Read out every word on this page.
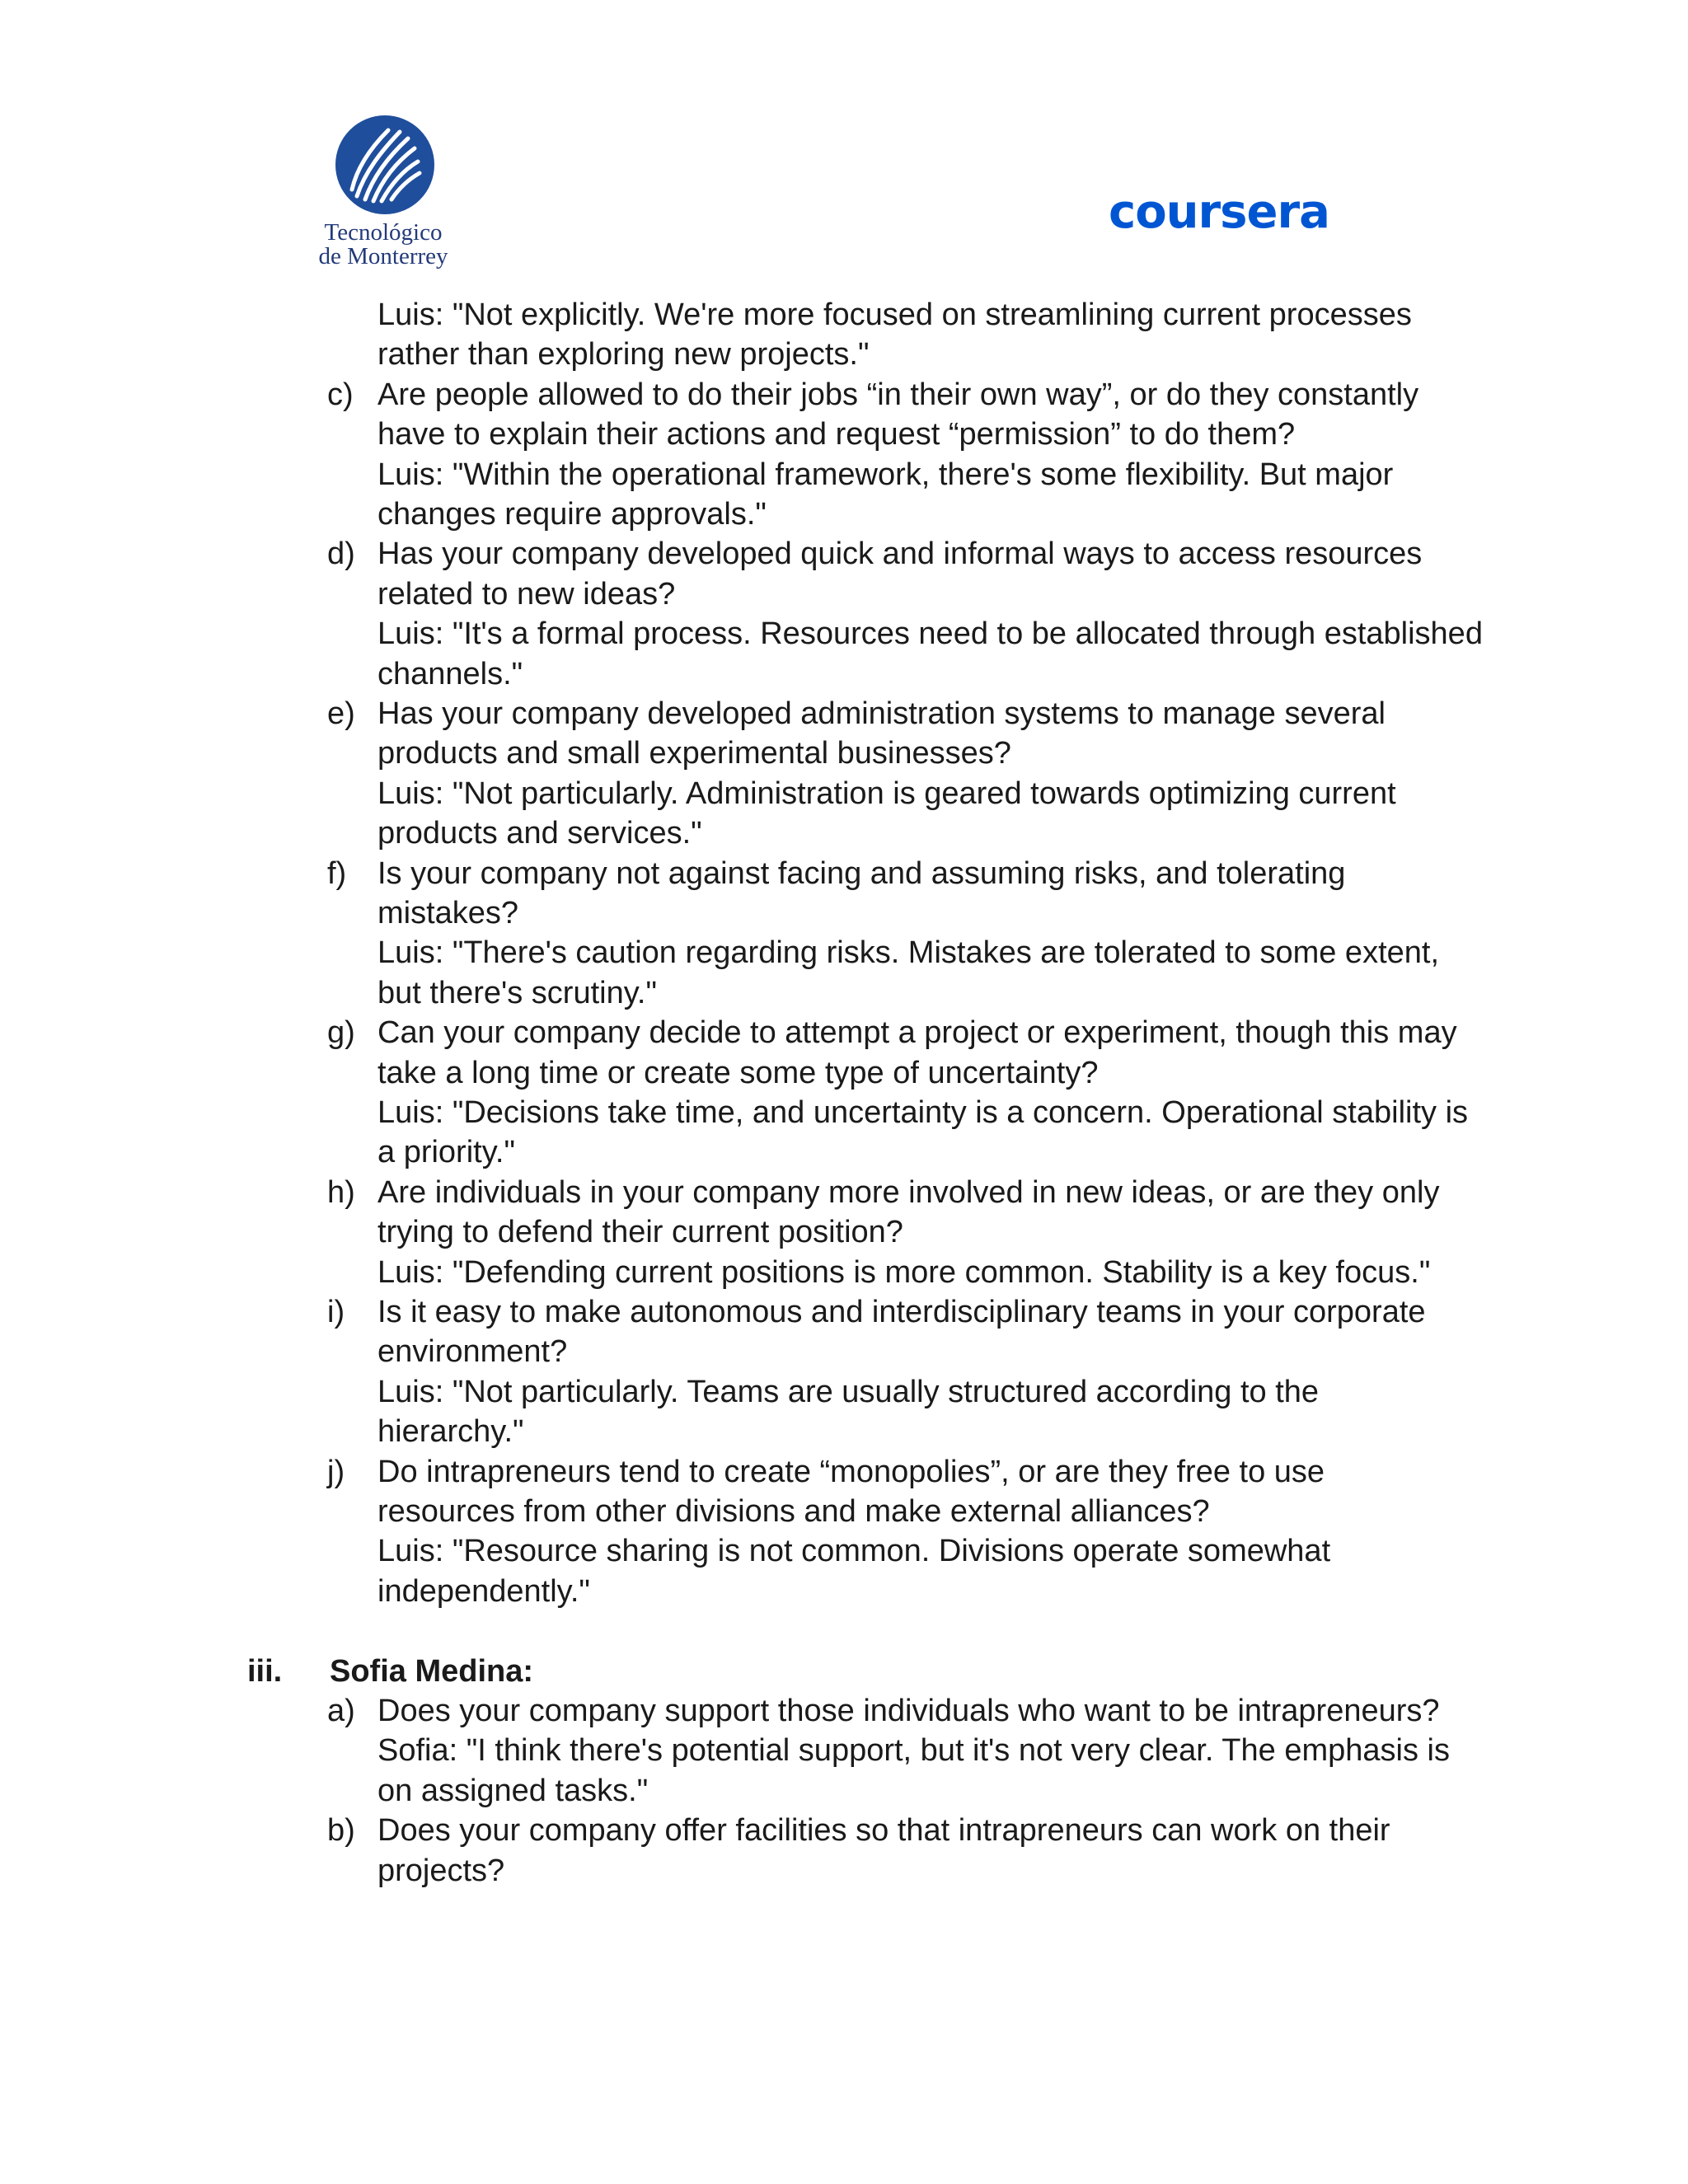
Tecnológico
de Monterrey
coursera
Luis: "Not explicitly. We're more focused on streamlining current processes
rather than exploring new projects."
c) Are people allowed to do their jobs “in their own way”, or do they constantly
have to explain their actions and request “permission” to do them?
Luis: "Within the operational framework, there's some flexibility. But major
changes require approvals."
d) Has your company developed quick and informal ways to access resources
related to new ideas?
Luis: "It's a formal process. Resources need to be allocated through established
channels."
e) Has your company developed administration systems to manage several
products and small experimental businesses?
Luis: "Not particularly. Administration is geared towards optimizing current
products and services."
f) Is your company not against facing and assuming risks, and tolerating
mistakes?
Luis: "There's caution regarding risks. Mistakes are tolerated to some extent,
but there's scrutiny."
g) Can your company decide to attempt a project or experiment, though this may
take a long time or create some type of uncertainty?
Luis: "Decisions take time, and uncertainty is a concern. Operational stability is
a priority."
h) Are individuals in your company more involved in new ideas, or are they only
trying to defend their current position?
Luis: "Defending current positions is more common. Stability is a key focus."
i) Is it easy to make autonomous and interdisciplinary teams in your corporate
environment?
Luis: "Not particularly. Teams are usually structured according to the
hierarchy."
j) Do intrapreneurs tend to create “monopolies”, or are they free to use
resources from other divisions and make external alliances?
Luis: "Resource sharing is not common. Divisions operate somewhat
independently."
iii. Sofia Medina:
a) Does your company support those individuals who want to be intrapreneurs?
Sofia: "I think there's potential support, but it's not very clear. The emphasis is
on assigned tasks."
b) Does your company offer facilities so that intrapreneurs can work on their
projects?
